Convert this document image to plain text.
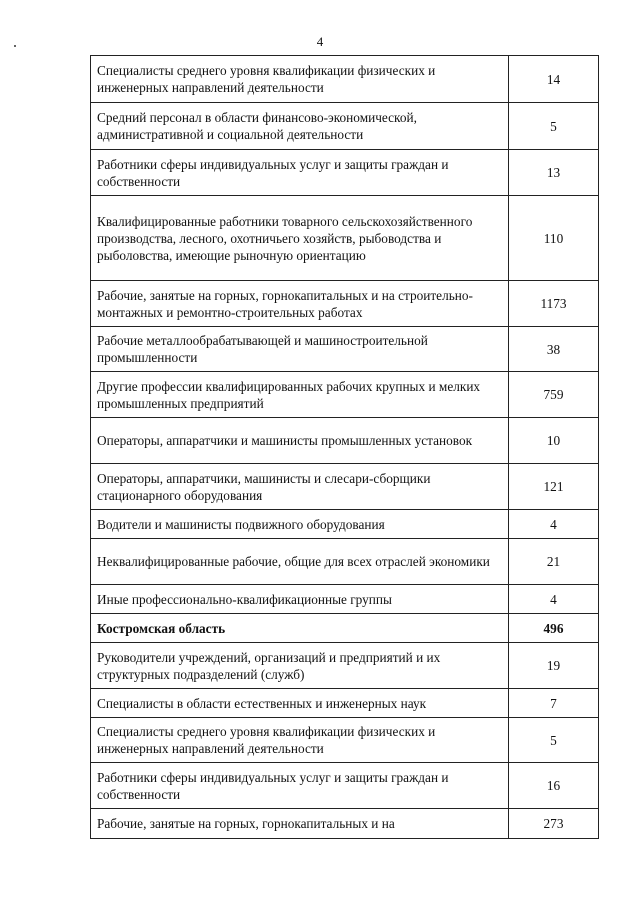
4
Специалисты среднего уровня квалификации физических и инженерных направлений деятельности	14
Средний персонал в области финансово-экономической, административной и социальной деятельности	5
Работники сферы индивидуальных услуг и защиты граждан и собственности	13
Квалифицированные работники товарного сельскохозяйственного производства, лесного, охотничьего хозяйств, рыбоводства и рыболовства, имеющие рыночную ориентацию	110
Рабочие, занятые на горных, горнокапитальных и на строительно-монтажных и ремонтно-строительных работах	1173
Рабочие металлообрабатывающей и машиностроительной промышленности	38
Другие профессии квалифицированных рабочих крупных и мелких промышленных предприятий	759
Операторы, аппаратчики и машинисты промышленных установок	10
Операторы, аппаратчики, машинисты и слесари-сборщики стационарного оборудования	121
Водители и машинисты подвижного оборудования	4
Неквалифицированные рабочие, общие для всех отраслей экономики	21
Иные профессионально-квалификационные группы	4
Костромская область	496
Руководители учреждений, организаций и предприятий и их структурных подразделений (служб)	19
Специалисты в области естественных и инженерных наук	7
Специалисты среднего уровня квалификации физических и инженерных направлений деятельности	5
Работники сферы индивидуальных услуг и защиты граждан и собственности	16
Рабочие, занятые на горных, горнокапитальных и на	273
